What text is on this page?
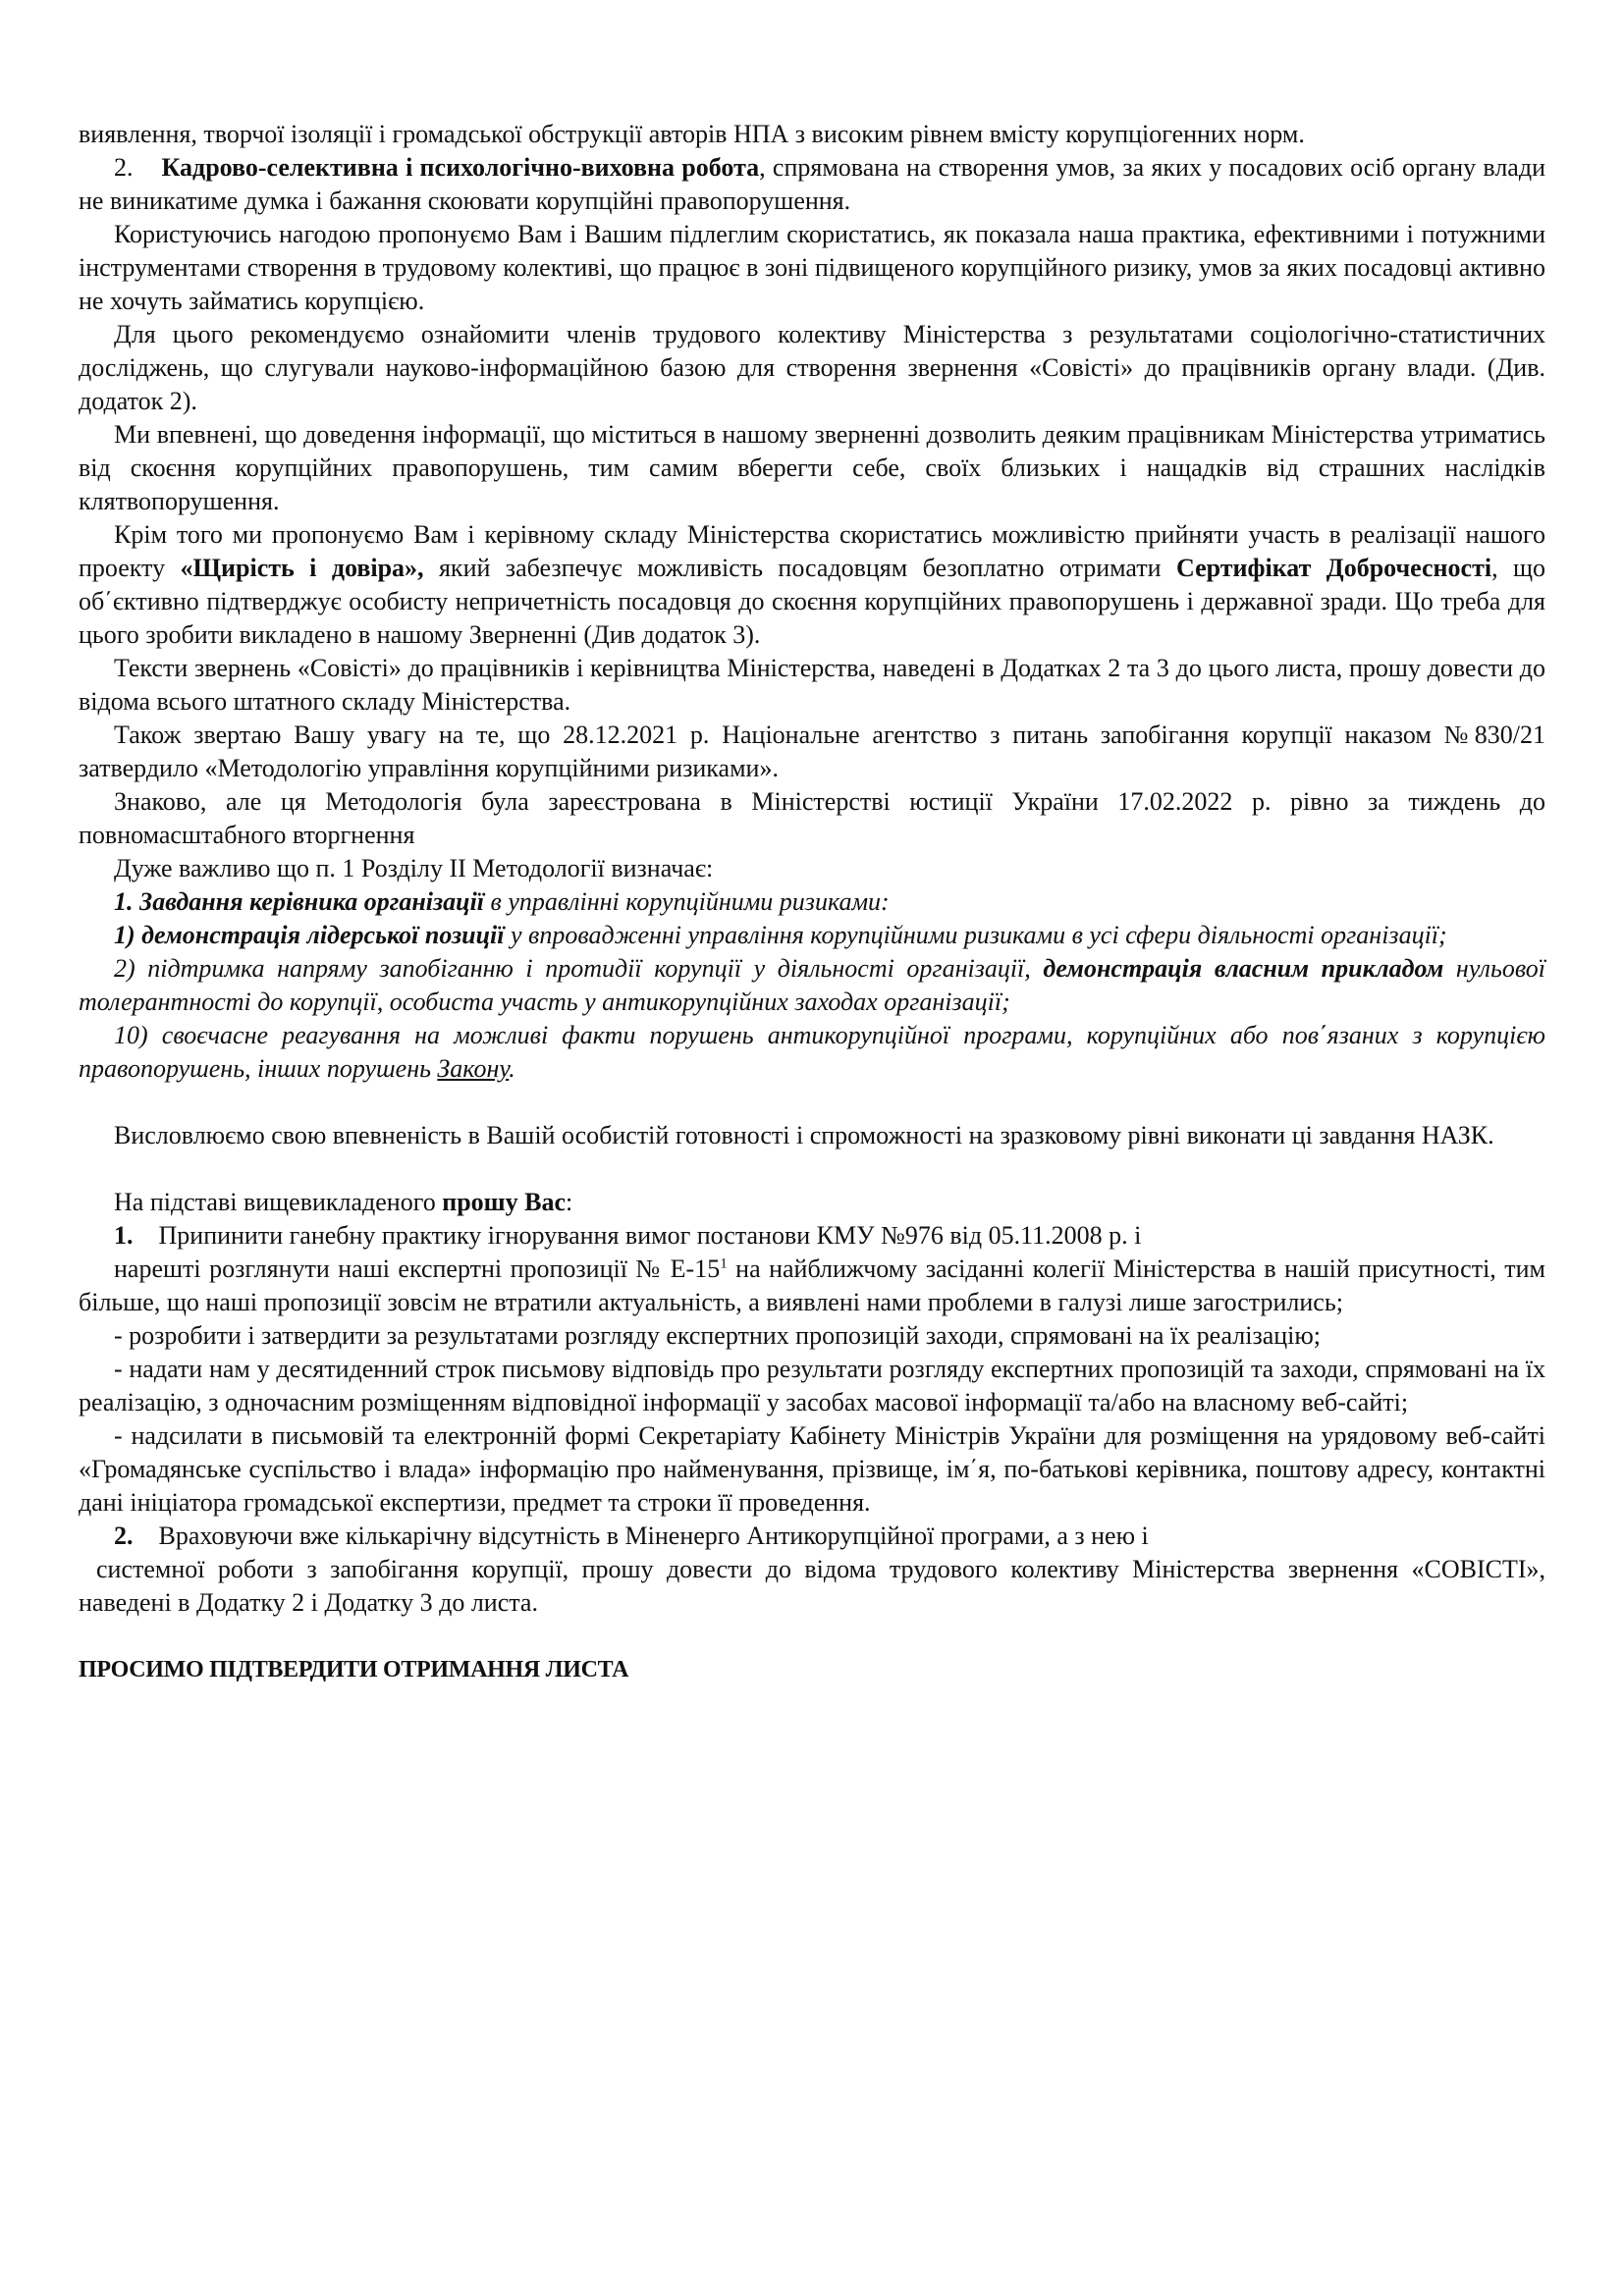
виявлення, творчої ізоляції і громадської обструкції авторів НПА з високим рівнем вмісту корупціогенних норм.

2. Кадрово-селективна і психологічно-виховна робота, спрямована на створення умов, за яких у посадових осіб органу влади не виникатиме думка і бажання скоювати корупційні правопорушення.

Користуючись нагодою пропонуємо Вам і Вашим підлеглим скористатись, як показала наша практика, ефективними і потужними інструментами створення в трудовому колективі, що працює в зоні підвищеного корупційного ризику, умов за яких посадовці активно не хочуть займатись корупцією.

Для цього рекомендуємо ознайомити членів трудового колективу Міністерства з результатами соціологічно-статистичних досліджень, що слугували науково-інформаційною базою для створення звернення «Совісті» до працівників органу влади. (Див. додаток 2).

Ми впевнені, що доведення інформації, що міститься в нашому зверненні дозволить деяким працівникам Міністерства утриматись від скоєння корупційних правопорушень, тим самим вберегти себе, своїх близьких і нащадків від страшних наслідків клятвопорушення.

Крім того ми пропонуємо Вам і керівному складу Міністерства скористатись можливістю прийняти участь в реалізації нашого проекту «Щирість і довіра», який забезпечує можливість посадовцям безоплатно отримати Сертифікат Доброчесності, що об΄єктивно підтверджує особисту непричетність посадовця до скоєння корупційних правопорушень і державної зради. Що треба для цього зробити викладено в нашому Зверненні (Див додаток 3).

Тексти звернень «Совісті» до працівників і керівництва Міністерства, наведені в Додатках 2 та 3 до цього листа, прошу довести до відома всього штатного складу Міністерства.

Також звертаю Вашу увагу на те, що 28.12.2021 р. Національне агентство з питань запобігання корупції наказом №830/21 затвердило «Методологію управління корупційними ризиками».

Знаково, але ця Методологія була зареєстрована в Міністерстві юстиції України 17.02.2022 р. рівно за тиждень до повномасштабного вторгнення

Дуже важливо що п. 1 Розділу ІІ Методології визначає:

1. Завдання керівника організації в управлінні корупційними ризиками:

1) демонстрація лідерської позиції у впровадженні управління корупційними ризиками в усі сфери діяльності організації;

2) підтримка напряму запобіганню і протидії корупції у діяльності організації, демонстрація власним прикладом нульової толерантності до корупції, особиста участь у антикорупційних заходах організації;

10) своєчасне реагування на можливі факти порушень антикорупційної програми, корупційних або пов΄язаних з корупцією правопорушень, інших порушень Закону.

Висловлюємо свою впевненість в Вашій особистій готовності і спроможності на зразковому рівні виконати ці завдання НАЗК.

На підставі вищевикладеного прошу Вас:

1. Припинити ганебну практику ігнорування вимог постанови КМУ №976 від 05.11.2008 р. і

нарешті розглянути наші експертні пропозиції № $Е-15^1$ на найближчому засіданні колегії Міністерства в нашій присутності, тим більше, що наші пропозиції зовсім не втратили актуальність, а виявлені нами проблеми в галузі лише загострились;

- розробити і затвердити за результатами розгляду експертних пропозицій заходи, спрямовані на їх реалізацію;

- надати нам у десятиденний строк письмову відповідь про результати розгляду експертних пропозицій та заходи, спрямовані на їх реалізацію, з одночасним розміщенням відповідної інформації у засобах масової інформації та/або на власному веб-сайті;

- надсилати в письмовій та електронній формі Секретаріату Кабінету Міністрів України для розміщення на урядовому веб-сайті «Громадянське суспільство і влада» інформацію про найменування, прізвище, ім΄я, по-батькові керівника, поштову адресу, контактні дані ініціатора громадської експертизи, предмет та строки її проведення.

2. Враховуючи вже кількарічну відсутність в Міненерго Антикорупційної програми, а з нею і

системної роботи з запобігання корупції, прошу довести до відома трудового колективу Міністерства звернення «СОВІСТІ», наведені в Додатку 2 і Додатку 3 до листа.

ПРОСИМО ПІДТВЕРДИТИ ОТРИМАННЯ ЛИСТА
